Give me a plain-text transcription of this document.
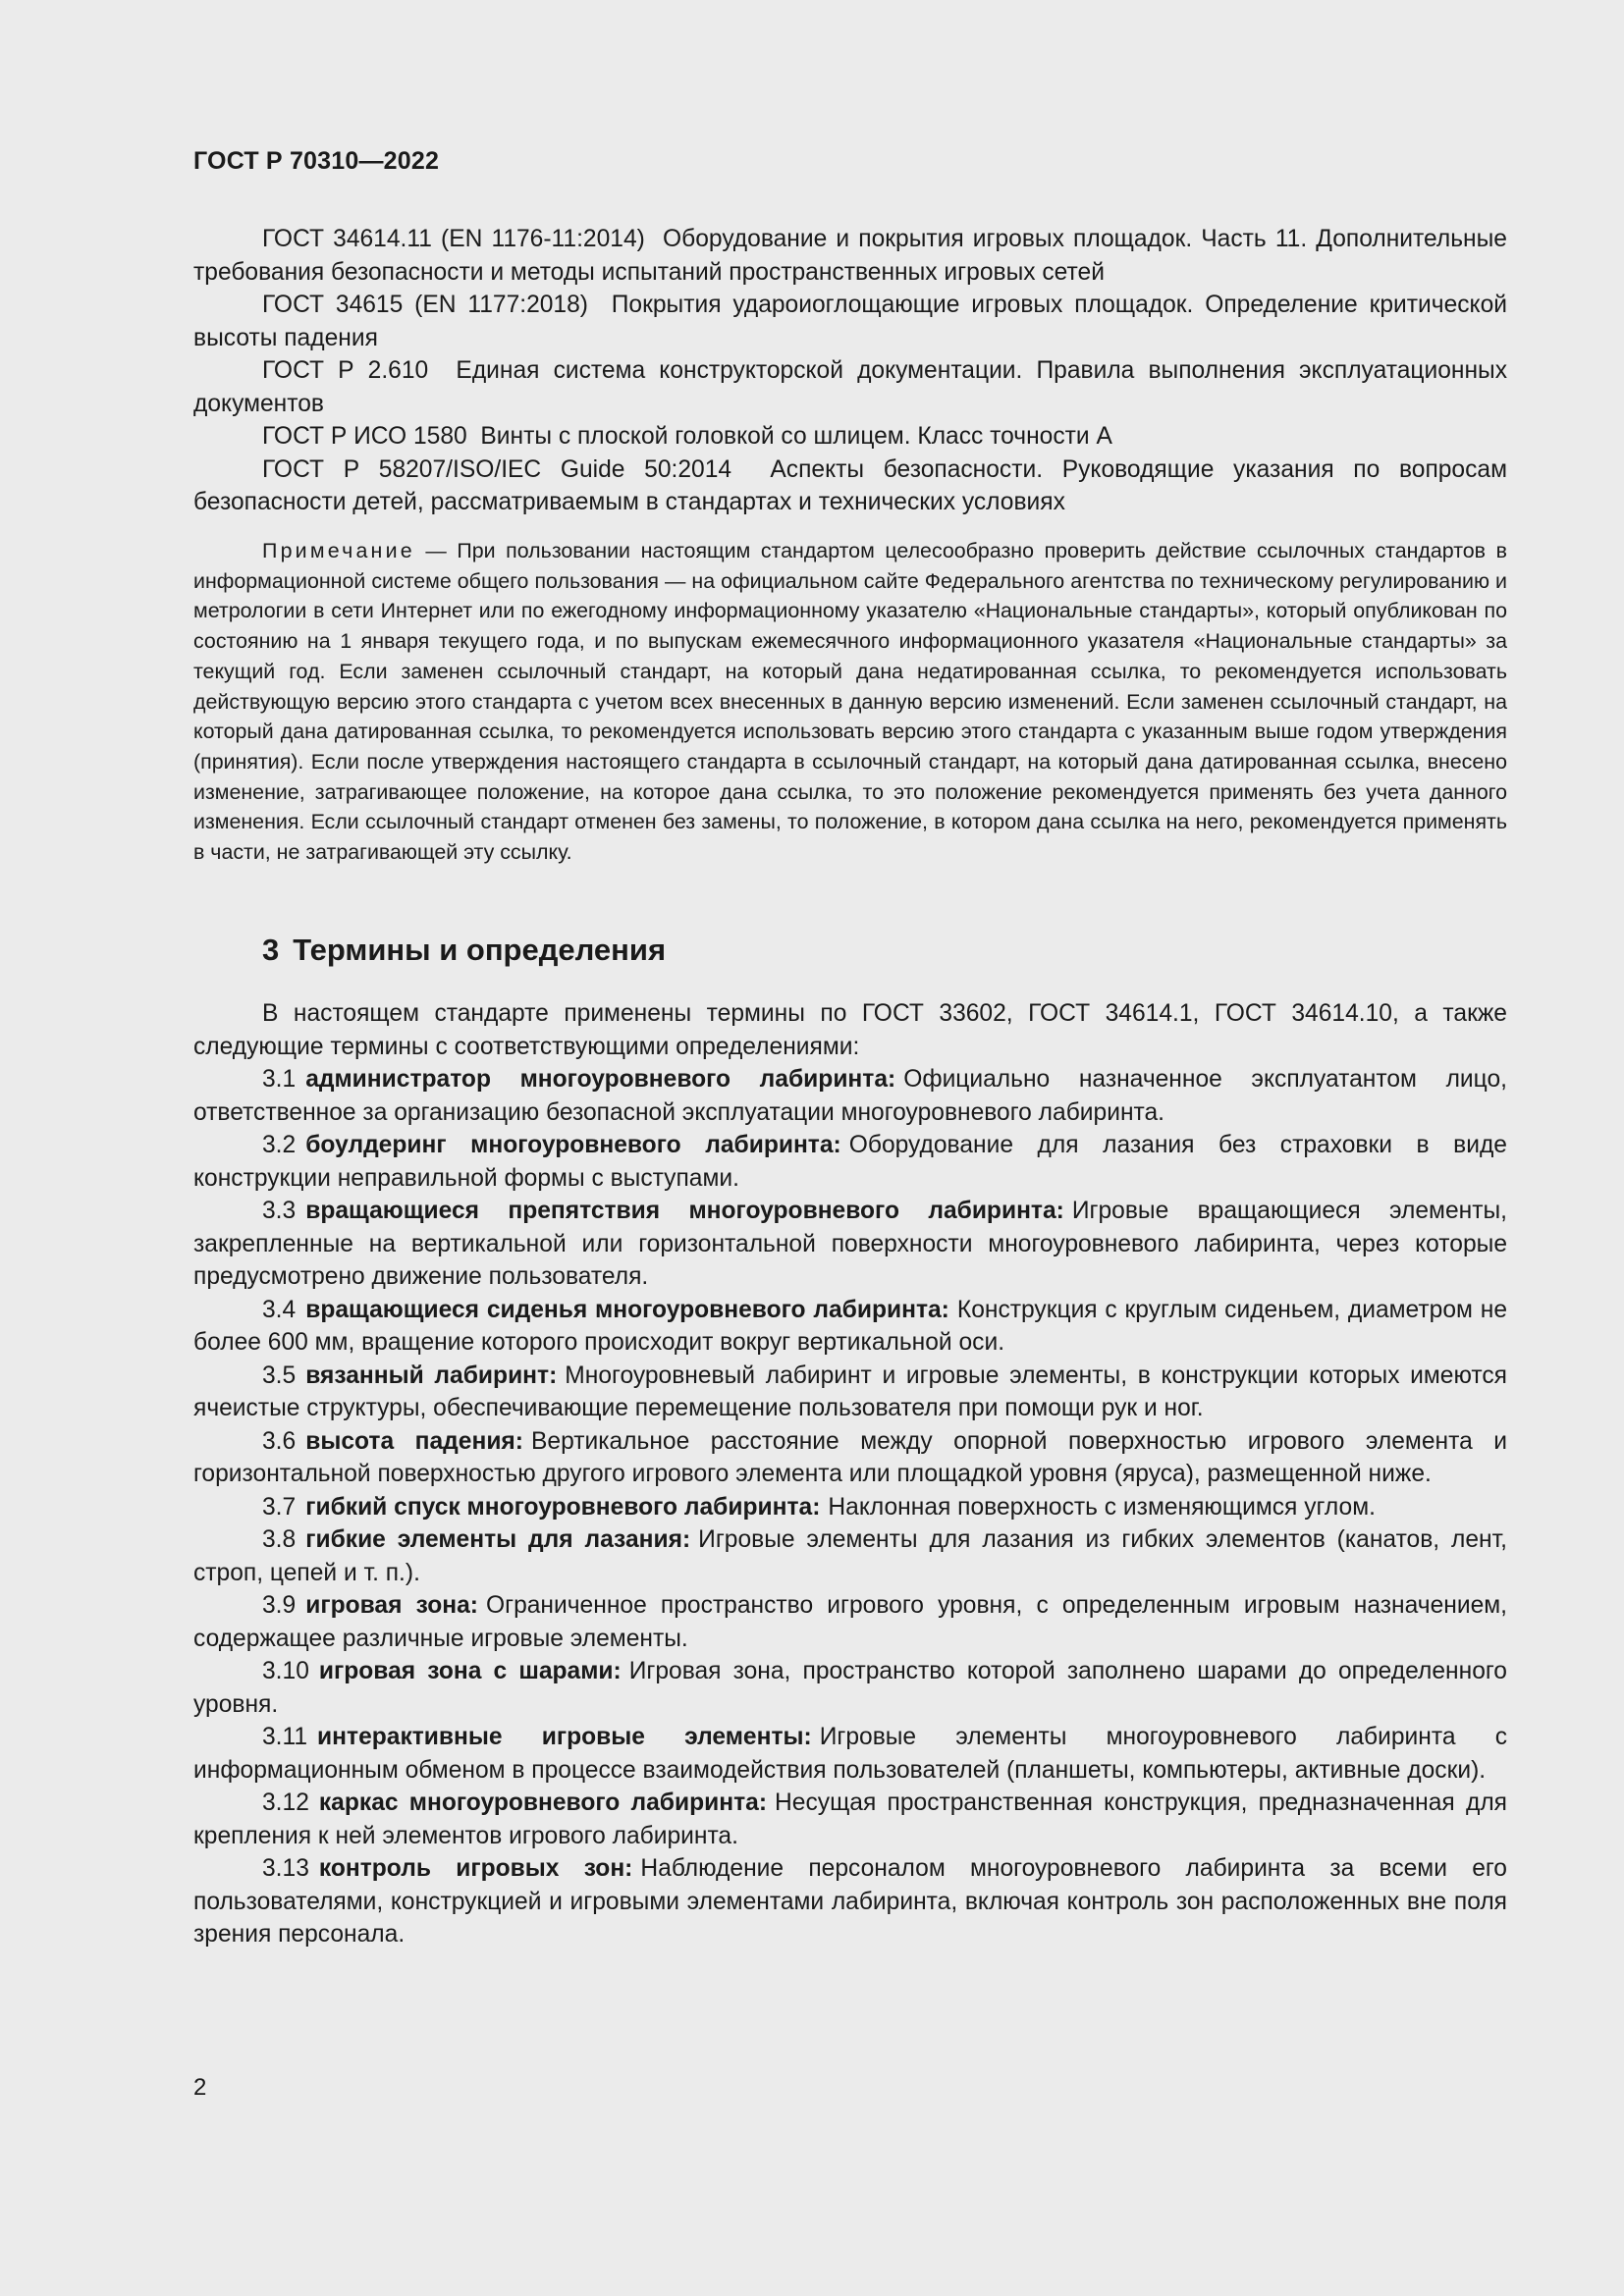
ГОСТ Р 70310—2022

ГОСТ 34614.11 (EN 1176-11:2014) Оборудование и покрытия игровых площадок. Часть 11. Дополнительные требования безопасности и методы испытаний пространственных игровых сетей

ГОСТ 34615 (EN 1177:2018) Покрытия удароиоглощающие игровых площадок. Определение критической высоты падения

ГОСТ Р 2.610 Единая система конструкторской документации. Правила выполнения эксплуатационных документов

ГОСТ Р ИСО 1580 Винты с плоской головкой со шлицем. Класс точности А

ГОСТ Р 58207/ISO/IEC Guide 50:2014 Аспекты безопасности. Руководящие указания по вопросам безопасности детей, рассматриваемым в стандартах и технических условиях

Примечание — При пользовании настоящим стандартом целесообразно проверить действие ссылочных стандартов в информационной системе общего пользования — на официальном сайте Федерального агентства по техническому регулированию и метрологии в сети Интернет или по ежегодному информационному указателю «Национальные стандарты», который опубликован по состоянию на 1 января текущего года, и по выпускам ежемесячного информационного указателя «Национальные стандарты» за текущий год. Если заменен ссылочный стандарт, на который дана недатированная ссылка, то рекомендуется использовать действующую версию этого стандарта с учетом всех внесенных в данную версию изменений. Если заменен ссылочный стандарт, на который дана датированная ссылка, то рекомендуется использовать версию этого стандарта с указанным выше годом утверждения (принятия). Если после утверждения настоящего стандарта в ссылочный стандарт, на который дана датированная ссылка, внесено изменение, затрагивающее положение, на которое дана ссылка, то это положение рекомендуется применять без учета данного изменения. Если ссылочный стандарт отменен без замены, то положение, в котором дана ссылка на него, рекомендуется применять в части, не затрагивающей эту ссылку.
3 Термины и определения

В настоящем стандарте применены термины по ГОСТ 33602, ГОСТ 34614.1, ГОСТ 34614.10, а также следующие термины с соответствующими определениями:

3.1 администратор многоуровневого лабиринта: Официально назначенное эксплуатантом лицо, ответственное за организацию безопасной эксплуатации многоуровневого лабиринта.

3.2 боулдеринг многоуровневого лабиринта: Оборудование для лазания без страховки в виде конструкции неправильной формы с выступами.

3.3 вращающиеся препятствия многоуровневого лабиринта: Игровые вращающиеся элементы, закрепленные на вертикальной или горизонтальной поверхности многоуровневого лабиринта, через которые предусмотрено движение пользователя.

3.4 вращающиеся сиденья многоуровневого лабиринта: Конструкция с круглым сиденьем, диаметром не более 600 мм, вращение которого происходит вокруг вертикальной оси.

3.5 вязанный лабиринт: Многоуровневый лабиринт и игровые элементы, в конструкции которых имеются ячеистые структуры, обеспечивающие перемещение пользователя при помощи рук и ног.

3.6 высота падения: Вертикальное расстояние между опорной поверхностью игрового элемента и горизонтальной поверхностью другого игрового элемента или площадкой уровня (яруса), размещенной ниже.

3.7 гибкий спуск многоуровневого лабиринта: Наклонная поверхность с изменяющимся углом.

3.8 гибкие элементы для лазания: Игровые элементы для лазания из гибких элементов (канатов, лент, строп, цепей и т. п.).

3.9 игровая зона: Ограниченное пространство игрового уровня, с определенным игровым назначением, содержащее различные игровые элементы.

3.10 игровая зона с шарами: Игровая зона, пространство которой заполнено шарами до определенного уровня.

3.11 интерактивные игровые элементы: Игровые элементы многоуровневого лабиринта с информационным обменом в процессе взаимодействия пользователей (планшеты, компьютеры, активные доски).

3.12 каркас многоуровневого лабиринта: Несущая пространственная конструкция, предназначенная для крепления к ней элементов игрового лабиринта.

3.13 контроль игровых зон: Наблюдение персоналом многоуровневого лабиринта за всеми его пользователями, конструкцией и игровыми элементами лабиринта, включая контроль зон расположенных вне поля зрения персонала.

2
